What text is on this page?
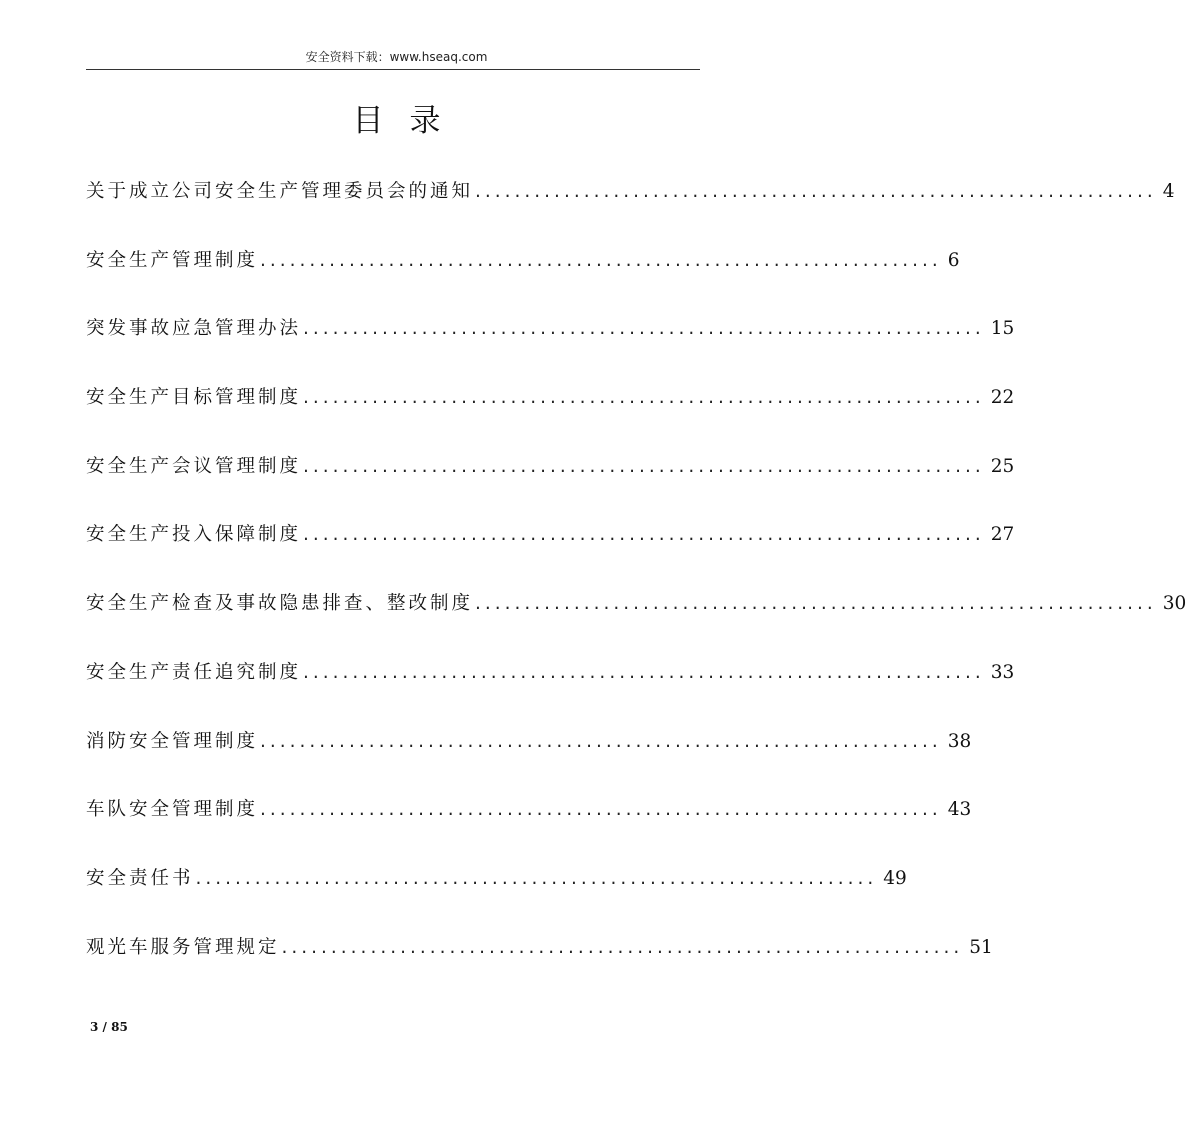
安全资料下载：www.hseaq.com
目录
关于成立公司安全生产管理委员会的通知 ..................................................................... 4
安全生产管理制度 ..................................................................... 6
突发事故应急管理办法 ..................................................................... 15
安全生产目标管理制度 ..................................................................... 22
安全生产会议管理制度 ..................................................................... 25
安全生产投入保障制度 ..................................................................... 27
安全生产检查及事故隐患排查、整改制度 ..................................................................... 30
安全生产责任追究制度 ..................................................................... 33
消防安全管理制度 ..................................................................... 38
车队安全管理制度 ..................................................................... 43
安全责任书 ..................................................................... 49
观光车服务管理规定 ..................................................................... 51
3 / 85
